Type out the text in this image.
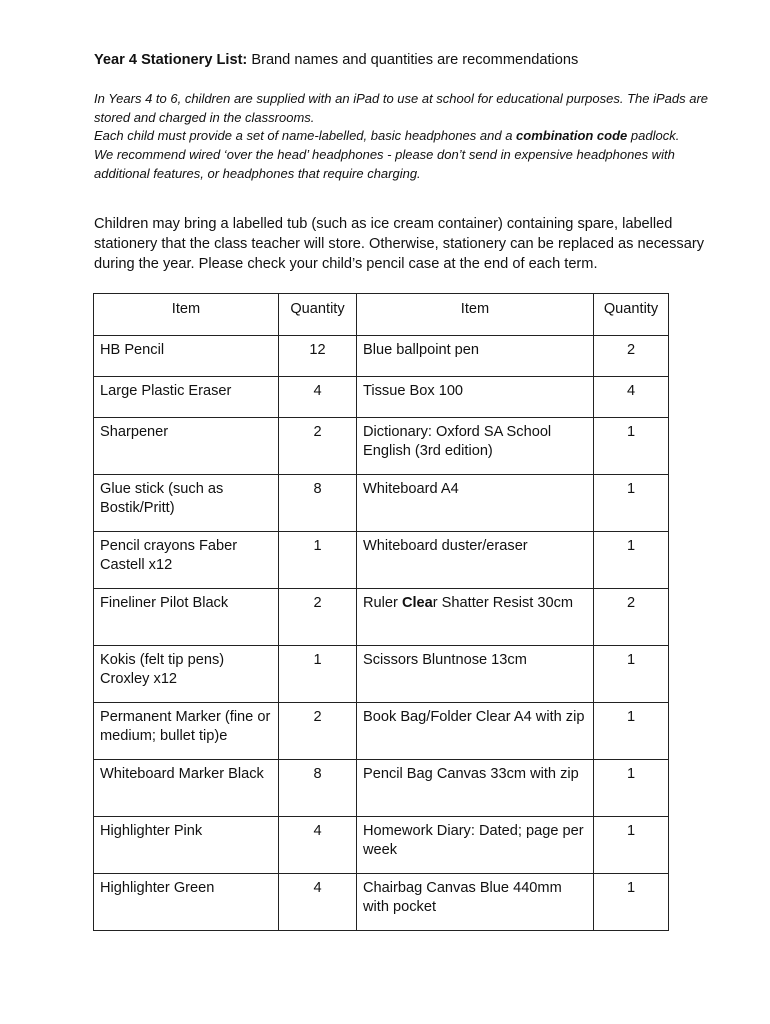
Year 4 Stationery List: Brand names and quantities are recommendations

In Years 4 to 6, children are supplied with an iPad to use at school for educational purposes. The iPads are stored and charged in the classrooms.

Each child must provide a set of name-labelled, basic headphones and a combination code padlock.

We recommend wired ‘over the head’ headphones - please don’t send in expensive headphones with additional features, or headphones that require charging.

Children may bring a labelled tub (such as ice cream container) containing spare, labelled stationery that the class teacher will store. Otherwise, stationery can be replaced as necessary during the year. Please check your child’s pencil case at the end of each term.

Item	Quantity	Item	Quantity
HB Pencil	12	Blue ballpoint pen	2
Large Plastic Eraser	4	Tissue Box 100	4
Sharpener	2	Dictionary: Oxford SA School English (3rd edition)	1
Glue stick (such as Bostik/Pritt)	8	Whiteboard A4	1
Pencil crayons Faber Castell x12	1	Whiteboard duster/eraser	1
Fineliner Pilot Black	2	Ruler Clear Shatter Resist 30cm	2
Kokis (felt tip pens) Croxley x12	1	Scissors Bluntnose 13cm	1
Permanent Marker (fine or medium; bullet tip)e	2	Book Bag/Folder Clear A4 with zip	1
Whiteboard Marker Black	8	Pencil Bag Canvas 33cm with zip	1
Highlighter Pink	4	Homework Diary: Dated; page per week	1
Highlighter Green	4	Chairbag Canvas Blue 440mm with pocket	1
